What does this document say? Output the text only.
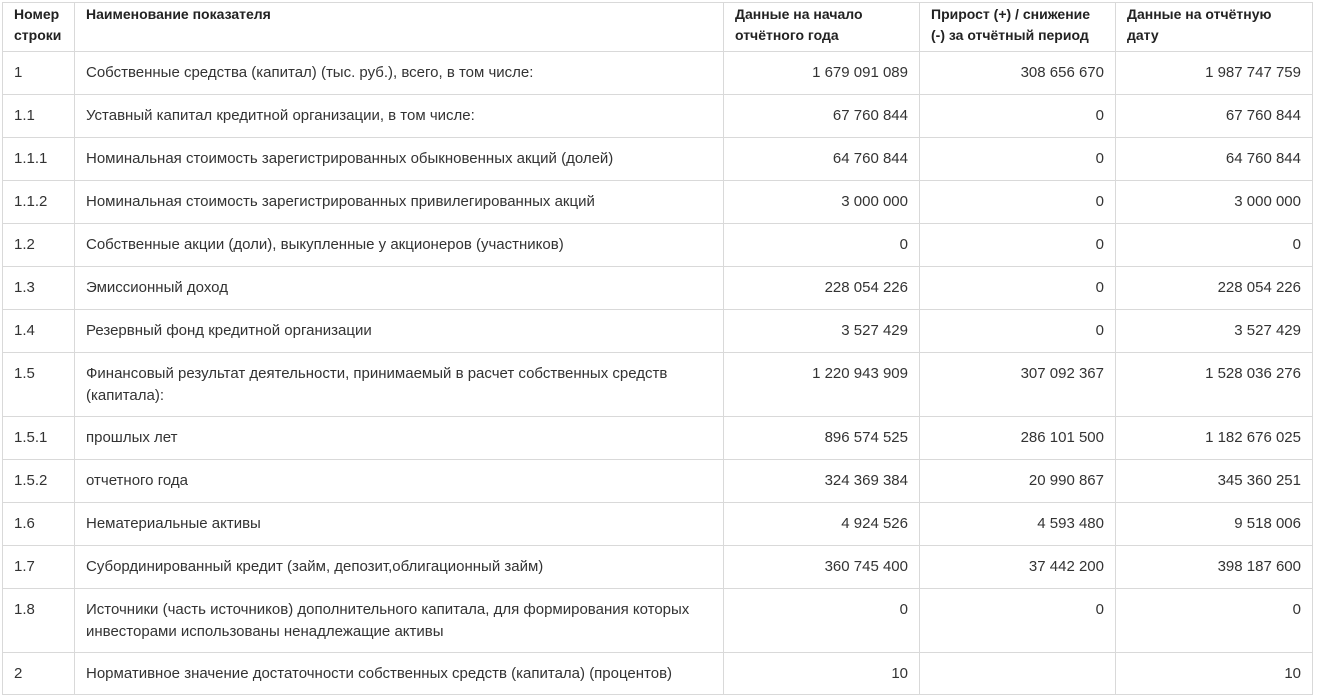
Номер строки	Наименование показателя	Данные на начало отчётного года	Прирост (+) / снижение (-) за отчётный период	Данные на отчётную дату
1	Собственные средства (капитал) (тыс. руб.), всего, в том числе:	1 679 091 089	308 656 670	1 987 747 759
1.1	Уставный капитал кредитной организации, в том числе:	67 760 844	0	67 760 844
1.1.1	Номинальная стоимость зарегистрированных обыкновенных акций (долей)	64 760 844	0	64 760 844
1.1.2	Номинальная стоимость зарегистрированных привилегированных акций	3 000 000	0	3 000 000
1.2	Собственные акции (доли), выкупленные у акционеров (участников)	0	0	0
1.3	Эмиссионный доход	228 054 226	0	228 054 226
1.4	Резервный фонд кредитной организации	3 527 429	0	3 527 429
1.5	Финансовый результат деятельности, принимаемый в расчет собственных средств (капитала):	1 220 943 909	307 092 367	1 528 036 276
1.5.1	прошлых лет	896 574 525	286 101 500	1 182 676 025
1.5.2	отчетного года	324 369 384	20 990 867	345 360 251
1.6	Нематериальные активы	4 924 526	4 593 480	9 518 006
1.7	Субординированный кредит (займ, депозит,облигационный займ)	360 745 400	37 442 200	398 187 600
1.8	Источники (часть источников) дополнительного капитала, для формирования которых инвесторами использованы ненадлежащие активы	0	0	0
2	Нормативное значение достаточности собственных средств (капитала) (процентов)	10		10
